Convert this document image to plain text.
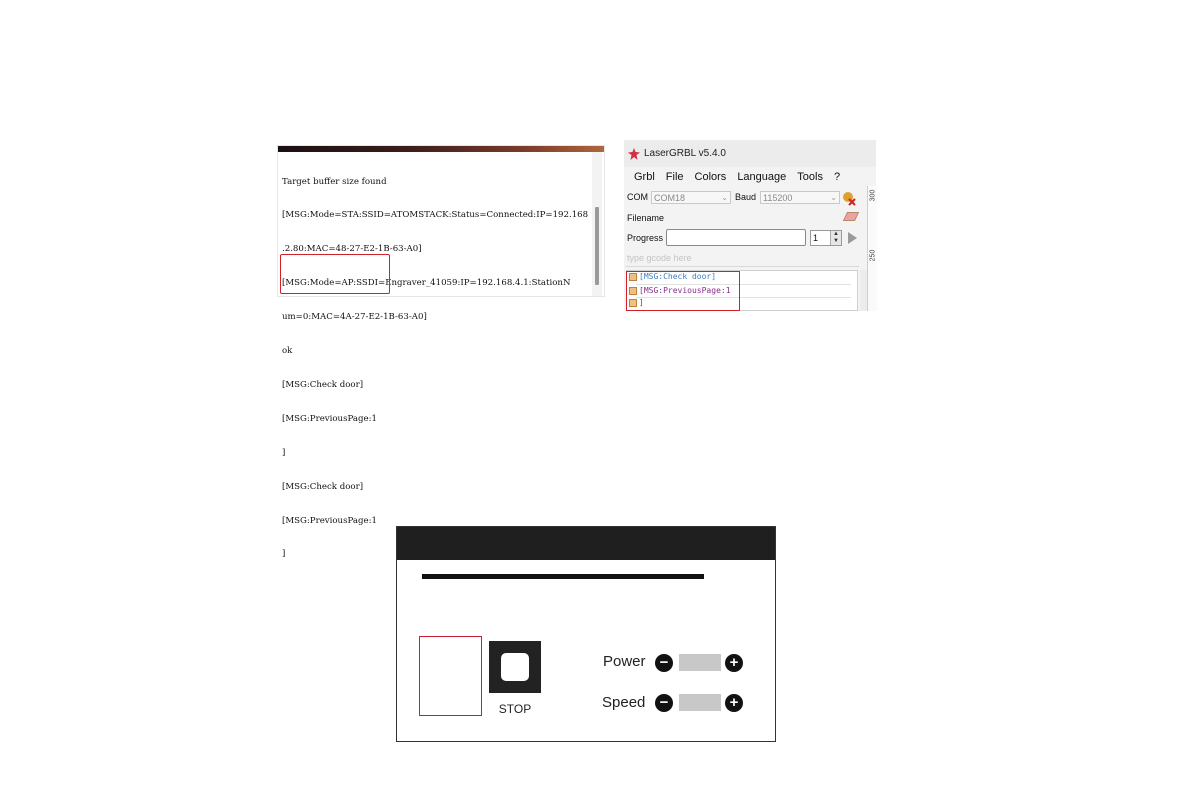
Target buffer size found

[MSG:Mode=STA:SSID=ATOMSTACK:Status=Connected:IP=192.168

.2.80:MAC=48-27-E2-1B-63-A0]

[MSG:Mode=AP:SSDI=Engraver_41059:IP=192.168.4.1:StationN

um=0:MAC=4A-27-E2-1B-63-A0]

ok

[MSG:Check door]

[MSG:PreviousPage:1

]

[MSG:Check door]

[MSG:PreviousPage:1

]

LaserGRBL v5.4.0
Grbl File Colors Language Tools ?
COM COM18	⌄ Baud 115200	⌄
Filename
Progress	1	▲
▼
type gcode here
[MSG:Check door]
[MSG:PreviousPage:1
]
300
250
STOP
Power −	+
Speed −	+
